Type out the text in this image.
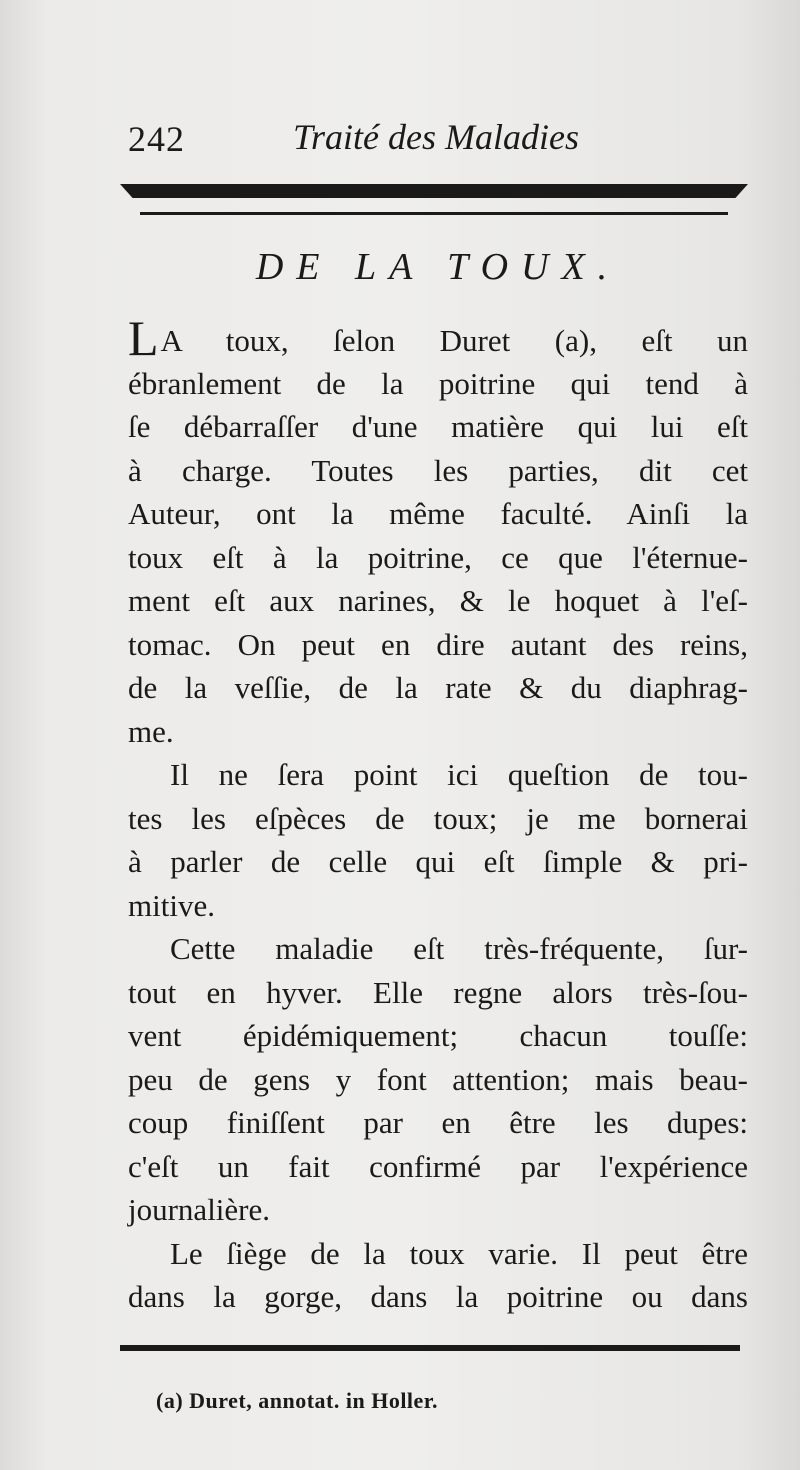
242	Traité des Maladies
DE LA TOUX.
LA toux, ſelon Duret (a), eſt un
ébranlement de la poitrine qui tend à
ſe débarraſſer d'une matière qui lui eſt
à charge. Toutes les parties, dit cet
Auteur, ont la même faculté. Ainſi la
toux eſt à la poitrine, ce que l'éternue-
ment eſt aux narines, & le hoquet à l'eſ-
tomac. On peut en dire autant des reins,
de la veſſie, de la rate & du diaphrag-
me.
Il ne ſera point ici queſtion de tou-
tes les eſpèces de toux; je me bornerai
à parler de celle qui eſt ſimple & pri-
mitive.
Cette maladie eſt très-fréquente, ſur-
tout en hyver. Elle regne alors très-ſou-
vent épidémiquement; chacun touſſe:
peu de gens y font attention; mais beau-
coup finiſſent par en être les dupes:
c'eſt un fait confirmé par l'expérience
journalière.
Le ſiège de la toux varie. Il peut être
dans la gorge, dans la poitrine ou dans
(a) Duret, annotat. in Holler.
